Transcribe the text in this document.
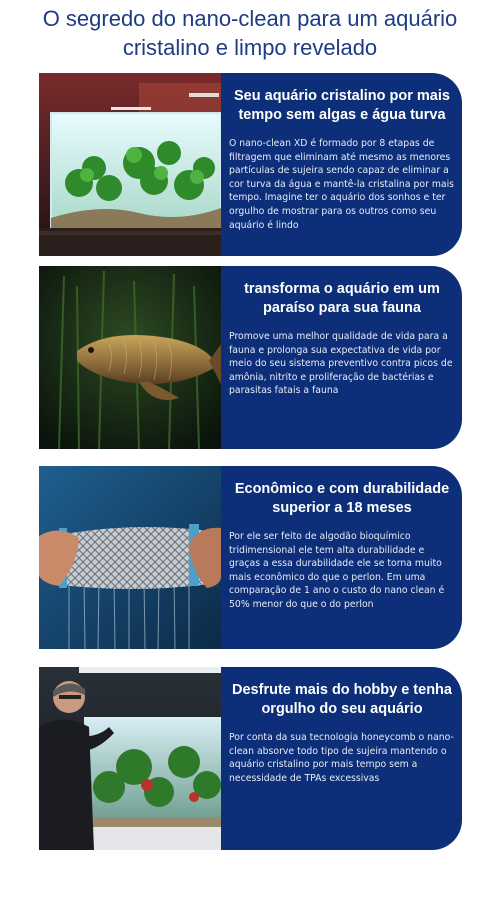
O segredo do nano-clean para um aquário cristalino e limpo revelado
Seu aquário cristalino por mais tempo sem algas e água turva
O nano-clean XD é formado por 8 etapas de filtragem que eliminam até mesmo as menores partículas de sujeira sendo capaz de eliminar a cor turva da água e mantê-la cristalina por mais tempo. Imagine ter o aquário dos sonhos e ter orgulho de mostrar para os outros como seu aquário é lindo
transforma o aquário em um paraíso para sua fauna
Promove uma melhor qualidade de vida para a fauna e prolonga sua expectativa de vida por meio do seu sistema preventivo contra picos de amônia, nitrito e proliferação de bactérias e parasitas fatais a fauna
Econômico e com durabilidade superior a 18 meses
Por ele ser feito de algodão bioquímico tridimensional ele tem alta durabilidade e graças a essa durabilidade ele se torna muito mais econômico do que o perlon. Em uma comparação de 1 ano o custo do nano clean é 50% menor do que o do perlon
Desfrute mais do hobby e tenha orgulho do seu aquário
Por conta da sua tecnologia honeycomb o nano-clean absorve todo tipo de sujeira mantendo o aquário cristalino por mais tempo sem a necessidade de TPAs excessivas
